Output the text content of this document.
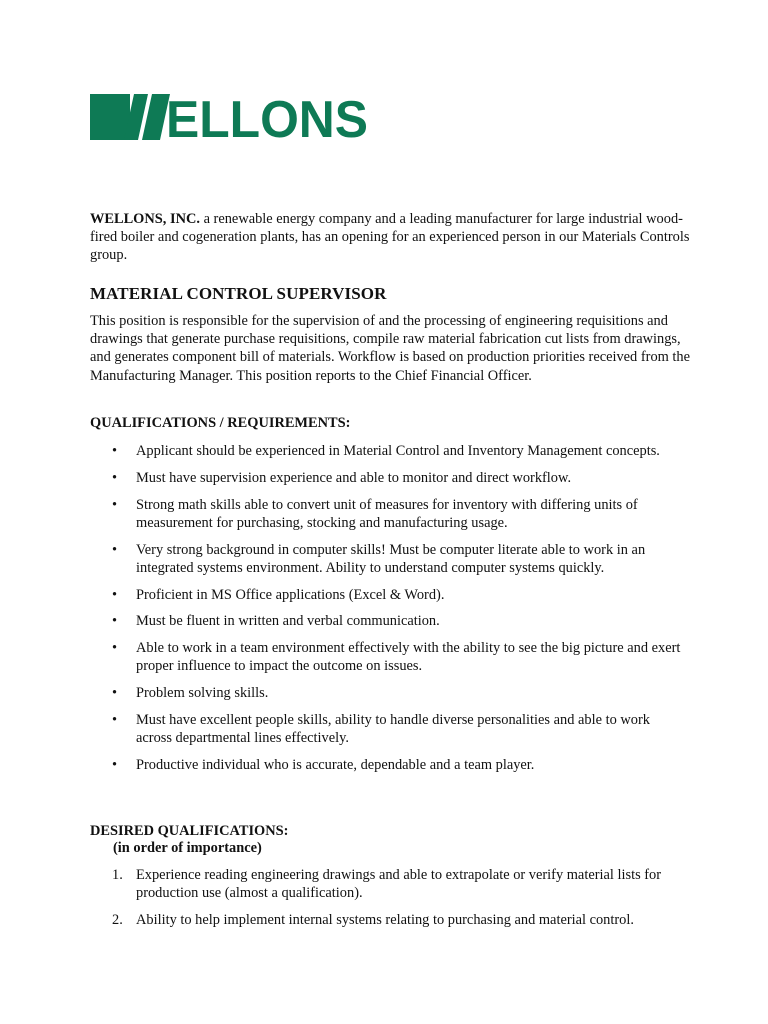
ELLONS
WELLONS, INC. a renewable energy company and a leading manufacturer for large industrial wood-fired boiler and cogeneration plants, has an opening for an experienced person in our Materials Controls group.
MATERIAL CONTROL SUPERVISOR
This position is responsible for the supervision of and the processing of engineering requisitions and drawings that generate purchase requisitions, compile raw material fabrication cut lists from drawings, and generates component bill of materials. Workflow is based on production priorities received from the Manufacturing Manager. This position reports to the Chief Financial Officer.
QUALIFICATIONS / REQUIREMENTS:
•	Applicant should be experienced in Material Control and Inventory Management concepts.
•	Must have supervision experience and able to monitor and direct workflow.
•	Strong math skills able to convert unit of measures for inventory with differing units of measurement for purchasing, stocking and manufacturing usage.
•	Very strong background in computer skills! Must be computer literate able to work in an integrated systems environment. Ability to understand computer systems quickly.
•	Proficient in MS Office applications (Excel & Word).
•	Must be fluent in written and verbal communication.
•	Able to work in a team environment effectively with the ability to see the big picture and exert proper influence to impact the outcome on issues.
•	Problem solving skills.
•	Must have excellent people skills, ability to handle diverse personalities and able to work across departmental lines effectively.
•	Productive individual who is accurate, dependable and a team player.
DESIRED QUALIFICATIONS:
(in order of importance)
1. Experience reading engineering drawings and able to extrapolate or verify material lists for production use (almost a qualification).
2. Ability to help implement internal systems relating to purchasing and material control.
